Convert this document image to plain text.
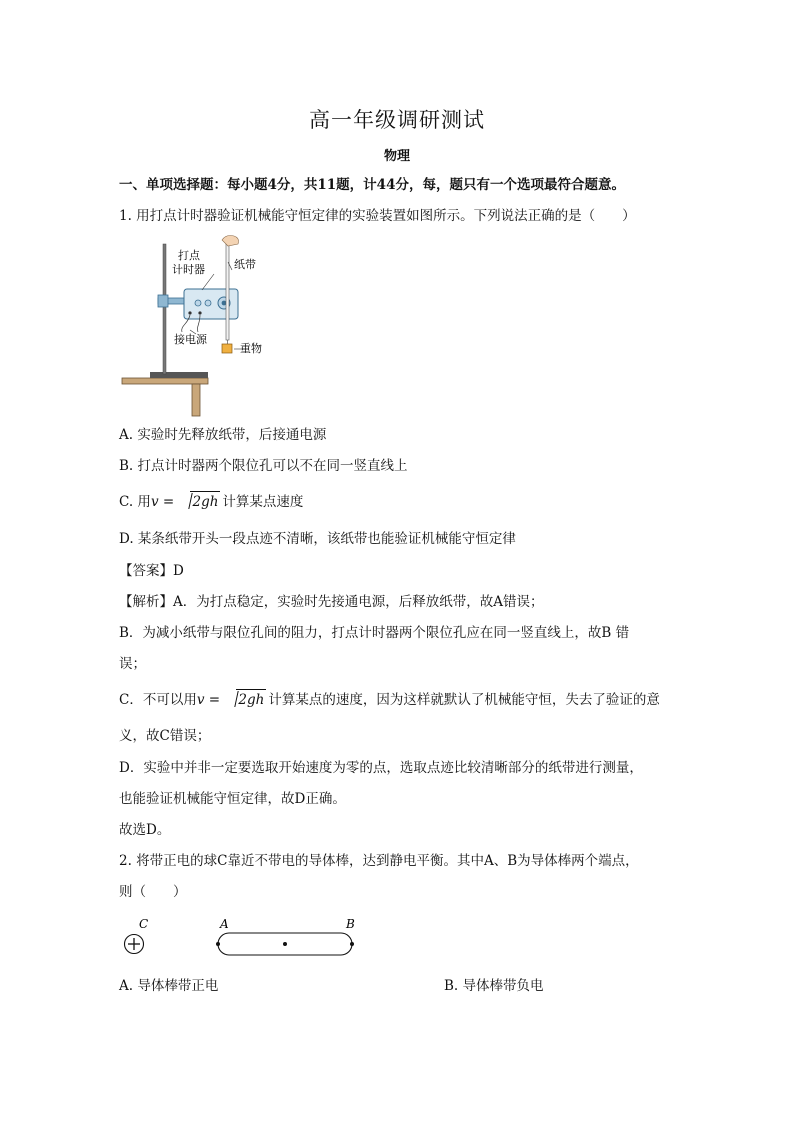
高一年级调研测试
物理
一、单项选择题：每小题4分，共11题，计44分，每，题只有一个选项最符合题意。
1. 用打点计时器验证机械能守恒定律的实验装置如图所示。下列说法正确的是（　　）
打点
计时器	纸带
接电源
重物
A. 实验时先释放纸带，后接通电源
B. 打点计时器两个限位孔可以不在同一竖直线上
C. 用v = 2gh 计算某点速度
D. 某条纸带开头一段点迹不清晰，该纸带也能验证机械能守恒定律
【答案】D
【解析】A．为打点稳定，实验时先接通电源，后释放纸带，故A错误；
B．为减小纸带与限位孔间的阻力，打点计时器两个限位孔应在同一竖直线上，故B 错
误；
C．不可以用v = 2gh 计算某点的速度，因为这样就默认了机械能守恒，失去了验证的意
义，故C错误；
D．实验中并非一定要选取开始速度为零的点，选取点迹比较清晰部分的纸带进行测量，
也能验证机械能守恒定律，故D正确。
故选D。
2. 将带正电的球C靠近不带电的导体棒，达到静电平衡。其中A、B为导体棒两个端点，
则（　　）
C	A	B
A. 导体棒带正电	B. 导体棒带负电
